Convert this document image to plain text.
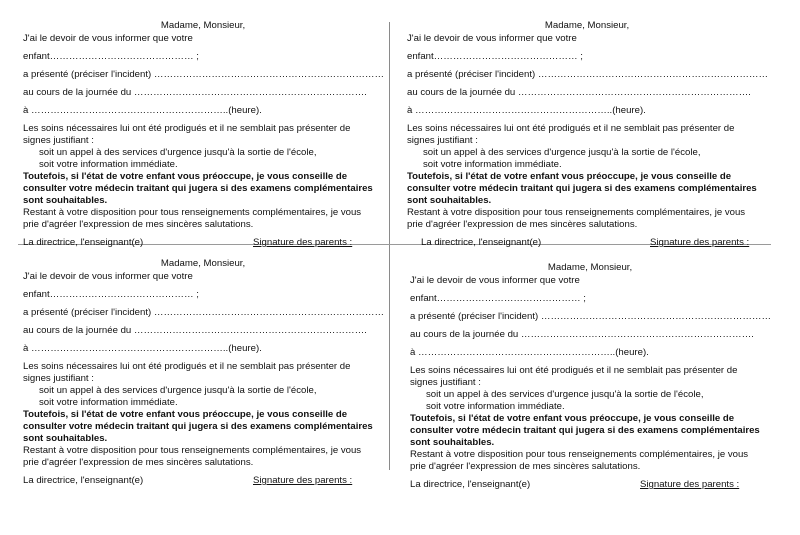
Madame, Monsieur,
J'ai le devoir de vous informer que votre
enfant……………………………………… ;
a présenté (préciser l'incident) ………………………………………………………………
au cours de la journée du ……………………………………………………………….
à ……………………………………………………..(heure).
Les soins nécessaires lui ont été prodigués et il ne semblait pas présenter de
signes justifiant :
soit un appel à des services d'urgence jusqu'à la sortie de l'école,
soit votre information immédiate.
Toutefois, si l'état de votre enfant vous préoccupe, je vous conseille de
consulter votre médecin traitant qui jugera si des examens complémentaires
sont souhaitables.
Restant à votre disposition pour tous renseignements complémentaires, je vous
prie d'agréer l'expression de mes sincères salutations.
La directrice, l'enseignant(e)	Signature des parents :
Madame, Monsieur,
J'ai le devoir de vous informer que votre
enfant……………………………………… ;
a présenté (préciser l'incident) ………………………………………………………………
au cours de la journée du ……………………………………………………………….
à ……………………………………………………..(heure).
Les soins nécessaires lui ont été prodigués et il ne semblait pas présenter de
signes justifiant :
soit un appel à des services d'urgence jusqu'à la sortie de l'école,
soit votre information immédiate.
Toutefois, si l'état de votre enfant vous préoccupe, je vous conseille de
consulter votre médecin traitant qui jugera si des examens complémentaires
sont souhaitables.
Restant à votre disposition pour tous renseignements complémentaires, je vous
prie d'agréer l'expression de mes sincères salutations.
La directrice, l'enseignant(e)	Signature des parents :
Madame, Monsieur,
J'ai le devoir de vous informer que votre
enfant……………………………………… ;
a présenté (préciser l'incident) ………………………………………………………………
au cours de la journée du ……………………………………………………………….
à ……………………………………………………..(heure).
Les soins nécessaires lui ont été prodigués et il ne semblait pas présenter de
signes justifiant :
soit un appel à des services d'urgence jusqu'à la sortie de l'école,
soit votre information immédiate.
Toutefois, si l'état de votre enfant vous préoccupe, je vous conseille de
consulter votre médecin traitant qui jugera si des examens complémentaires
sont souhaitables.
Restant à votre disposition pour tous renseignements complémentaires, je vous
prie d'agréer l'expression de mes sincères salutations.
La directrice, l'enseignant(e)	Signature des parents :
Madame, Monsieur,
J'ai le devoir de vous informer que votre
enfant……………………………………… ;
a présenté (préciser l'incident) ………………………………………………………………
au cours de la journée du ……………………………………………………………….
à ……………………………………………………..(heure).
Les soins nécessaires lui ont été prodigués et il ne semblait pas présenter de
signes justifiant :
soit un appel à des services d'urgence jusqu'à la sortie de l'école,
soit votre information immédiate.
Toutefois, si l'état de votre enfant vous préoccupe, je vous conseille de
consulter votre médecin traitant qui jugera si des examens complémentaires
sont souhaitables.
Restant à votre disposition pour tous renseignements complémentaires, je vous
prie d'agréer l'expression de mes sincères salutations.
La directrice, l'enseignant(e)	Signature des parents :
